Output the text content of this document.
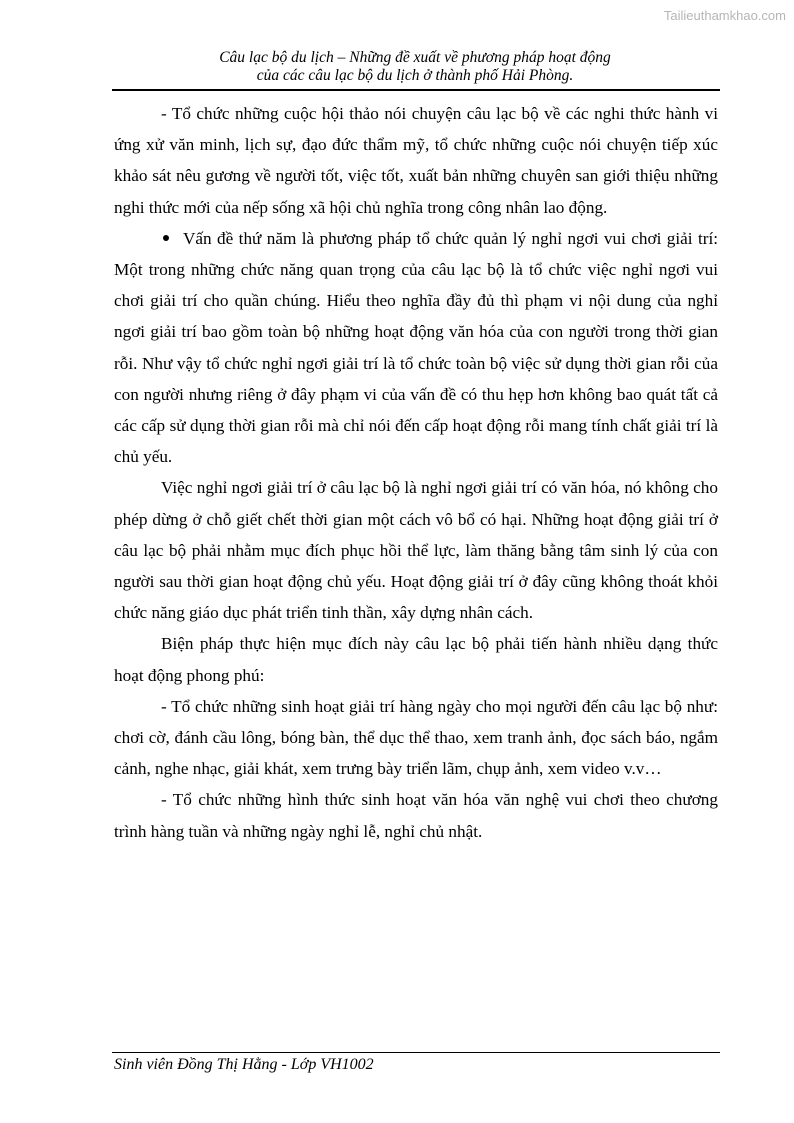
Tailieuthamkhao.com
Câu lạc bộ du lịch – Những đề xuất về phương pháp hoạt động
của các câu lạc bộ du lịch ở thành phố Hải Phòng.

- Tổ chức những cuộc hội thảo nói chuyện câu lạc bộ về các nghi thức hành vi ứng xử văn minh, lịch sự, đạo đức thẩm mỹ, tổ chức những cuộc nói chuyện tiếp xúc khảo sát nêu gương về người tốt, việc tốt, xuất bản những chuyên san giới thiệu những nghi thức mới của nếp sống xã hội chủ nghĩa trong công nhân lao động.

Vấn đề thứ năm là phương pháp tổ chức quản lý nghỉ ngơi vui chơi giải trí: Một trong những chức năng quan trọng của câu lạc bộ là tổ chức việc nghỉ ngơi vui chơi giải trí cho quần chúng. Hiểu theo nghĩa đầy đủ thì phạm vi nội dung của nghỉ ngơi giải trí bao gồm toàn bộ những hoạt động văn hóa của con người trong thời gian rỗi. Như vậy tổ chức nghỉ ngơi giải trí là tổ chức toàn bộ việc sử dụng thời gian rỗi của con người nhưng riêng ở đây phạm vi của vấn đề có thu hẹp hơn không bao quát tất cả các cấp sử dụng thời gian rỗi mà chỉ nói đến cấp hoạt động rỗi mang tính chất giải trí là chủ yếu.

Việc nghỉ ngơi giải trí ở câu lạc bộ là nghỉ ngơi giải trí có văn hóa, nó không cho phép dừng ở chỗ giết chết thời gian một cách vô bổ có hại. Những hoạt động giải trí ở câu lạc bộ phải nhằm mục đích phục hồi thể lực, làm thăng bằng tâm sinh lý của con người sau thời gian hoạt động chủ yếu. Hoạt động giải trí ở đây cũng không thoát khỏi chức năng giáo dục phát triển tinh thần, xây dựng nhân cách.

Biện pháp thực hiện mục đích này câu lạc bộ phải tiến hành nhiều dạng thức hoạt động phong phú:

- Tổ chức những sinh hoạt giải trí hàng ngày cho mọi người đến câu lạc bộ như: chơi cờ, đánh cầu lông, bóng bàn, thể dục thể thao, xem tranh ảnh, đọc sách báo, ngắm cảnh, nghe nhạc, giải khát, xem trưng bày triển lãm, chụp ảnh, xem video v.v…

- Tổ chức những hình thức sinh hoạt văn hóa văn nghệ vui chơi theo chương trình hàng tuần và những ngày nghỉ lễ, nghỉ chủ nhật.

Sinh viên Đồng Thị Hằng - Lớp VH1002
